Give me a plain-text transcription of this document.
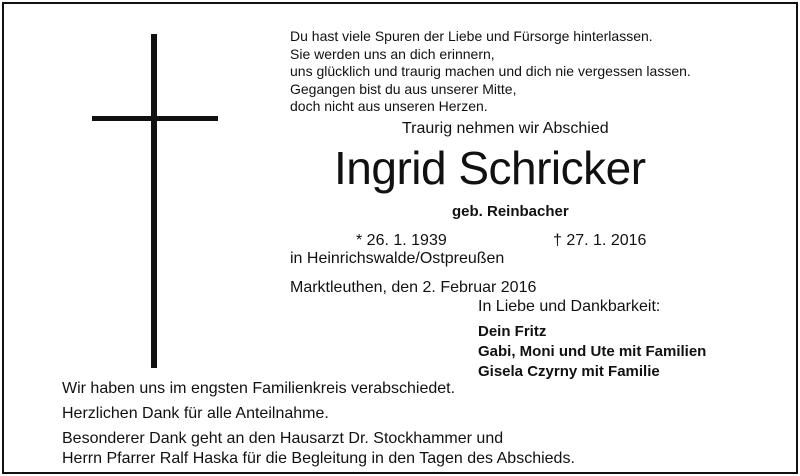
Du hast viele Spuren der Liebe und Fürsorge hinterlassen.
Sie werden uns an dich erinnern,
uns glücklich und traurig machen und dich nie vergessen lassen.
Gegangen bist du aus unserer Mitte,
doch nicht aus unseren Herzen.
Traurig nehmen wir Abschied
Ingrid Schricker
geb. Reinbacher
* 26. 1. 1939	† 27. 1. 2016
in Heinrichswalde/Ostpreußen
Marktleuthen, den 2. Februar 2016
In Liebe und Dankbarkeit:
Dein Fritz
Gabi, Moni und Ute mit Familien
Gisela Czyrny mit Familie
Wir haben uns im engsten Familienkreis verabschiedet.
Herzlichen Dank für alle Anteilnahme.
Besonderer Dank geht an den Hausarzt Dr. Stockhammer und
Herrn Pfarrer Ralf Haska für die Begleitung in den Tagen des Abschieds.
